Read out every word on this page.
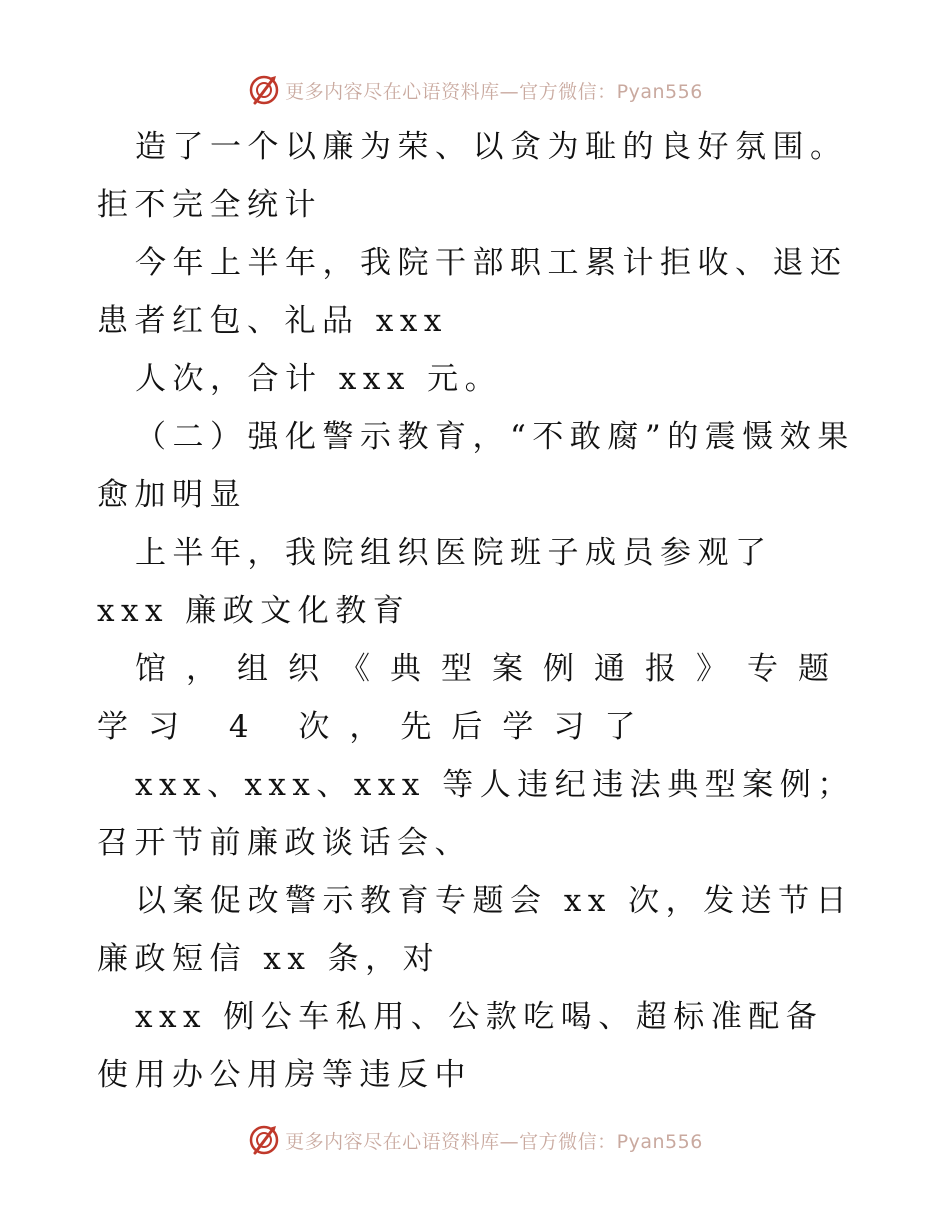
更多内容尽在心语资料库—官方微信：Pyan556

造了一个以廉为荣、以贪为耻的良好氛围。拒不完全统计

今年上半年，我院干部职工累计拒收、退还患者红包、礼品 xxx

人次，合计 xxx 元。

（二）强化警示教育，“不敢腐”的震慑效果愈加明显

上半年，我院组织医院班子成员参观了 xxx 廉政文化教育

馆，组织《典型案例通报》专题学习 4 次，先后学习了

xxx、xxx、xxx 等人违纪违法典型案例；召开节前廉政谈话会、

以案促改警示教育专题会 xx 次，发送节日廉政短信 xx 条，对

xxx 例公车私用、公款吃喝、超标准配备使用办公用房等违反中

更多内容尽在心语资料库—官方微信：Pyan556
